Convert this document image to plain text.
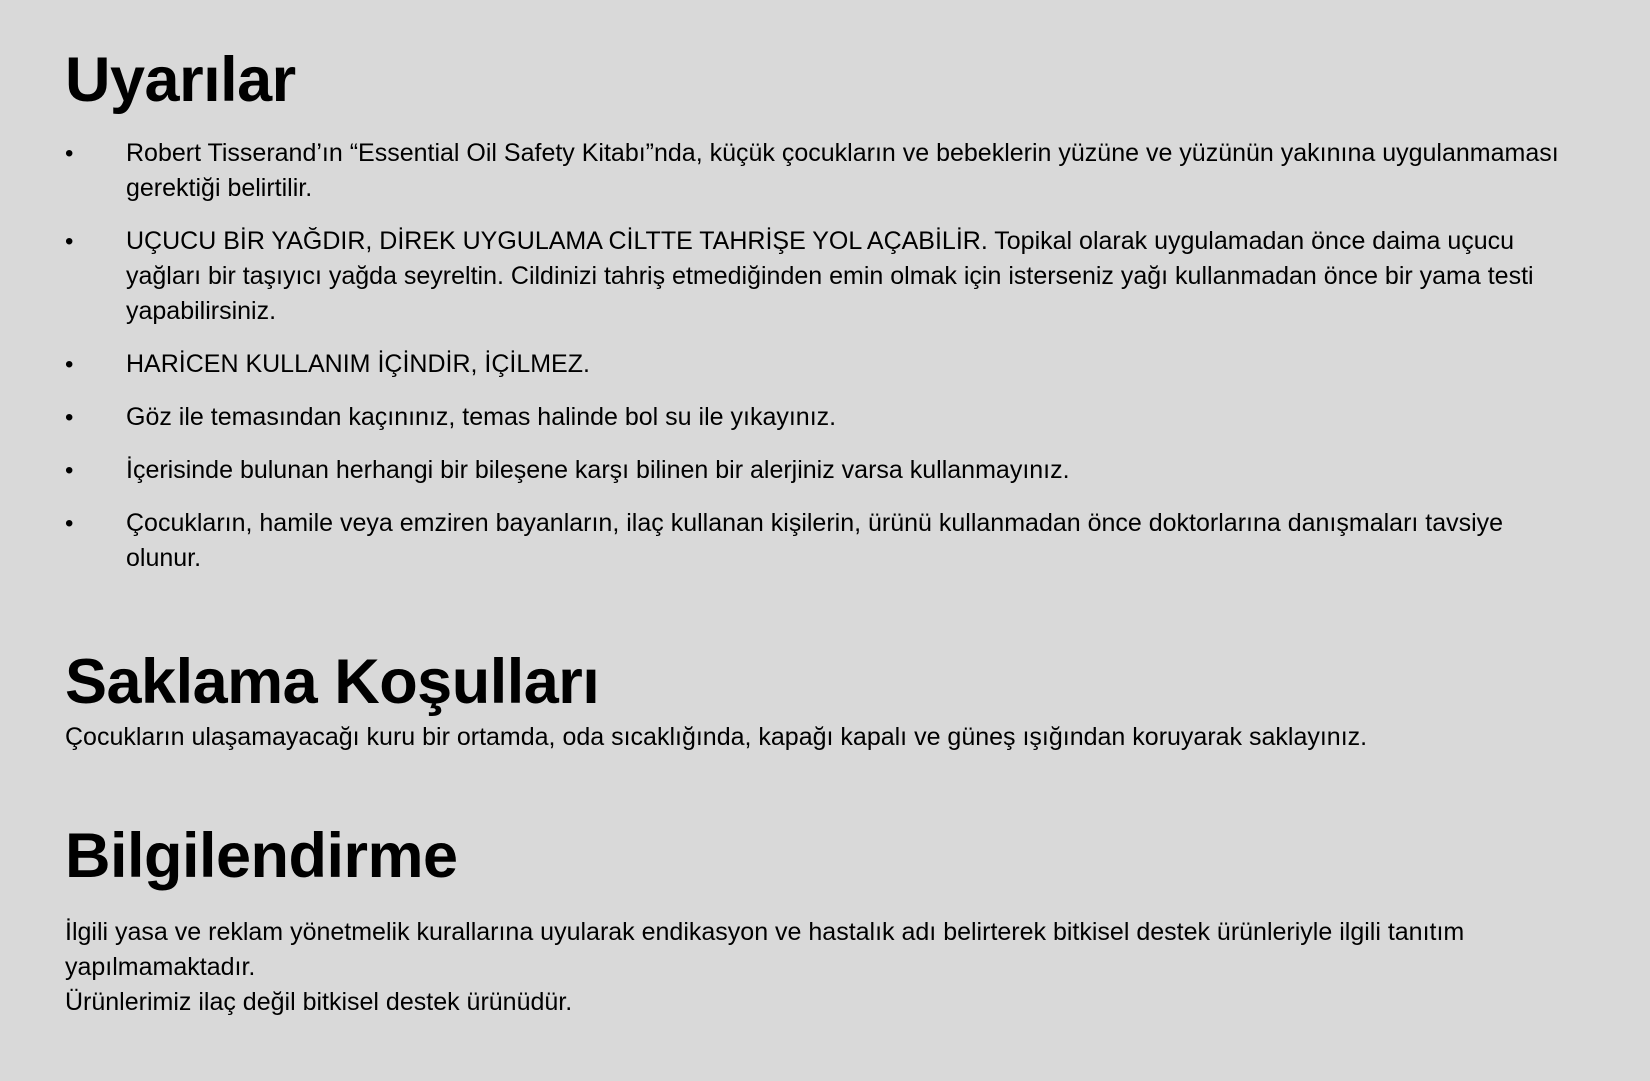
Uyarılar
•	Robert Tisserand’ın “Essential Oil Safety Kitabı”nda, küçük çocukların ve bebeklerin yüzüne ve yüzünün yakınına uygulanmaması gerektiği belirtilir.
•	UÇUCU BİR YAĞDIR, DİREK UYGULAMA CİLTTE TAHRİŞE YOL AÇABİLİR. Topikal olarak uygulamadan önce daima uçucu yağları bir taşıyıcı yağda seyreltin. Cildinizi tahriş etmediğinden emin olmak için isterseniz yağı kullanmadan önce bir yama testi yapabilirsiniz.
•	HARİCEN KULLANIM İÇİNDİR, İÇİLMEZ.
•	Göz ile temasından kaçınınız, temas halinde bol su ile yıkayınız.
•	İçerisinde bulunan herhangi bir bileşene karşı bilinen bir alerjiniz varsa kullanmayınız.
•	Çocukların, hamile veya emziren bayanların, ilaç kullanan kişilerin, ürünü kullanmadan önce doktorlarına danışmaları tavsiye olunur.
Saklama Koşulları
Çocukların ulaşamayacağı kuru bir ortamda, oda sıcaklığında, kapağı kapalı ve güneş ışığından koruyarak saklayınız.
Bilgilendirme
İlgili yasa ve reklam yönetmelik kurallarına uyularak endikasyon ve hastalık adı belirterek bitkisel destek ürünleriyle ilgili tanıtım yapılmamaktadır.
Ürünlerimiz ilaç değil bitkisel destek ürünüdür.
